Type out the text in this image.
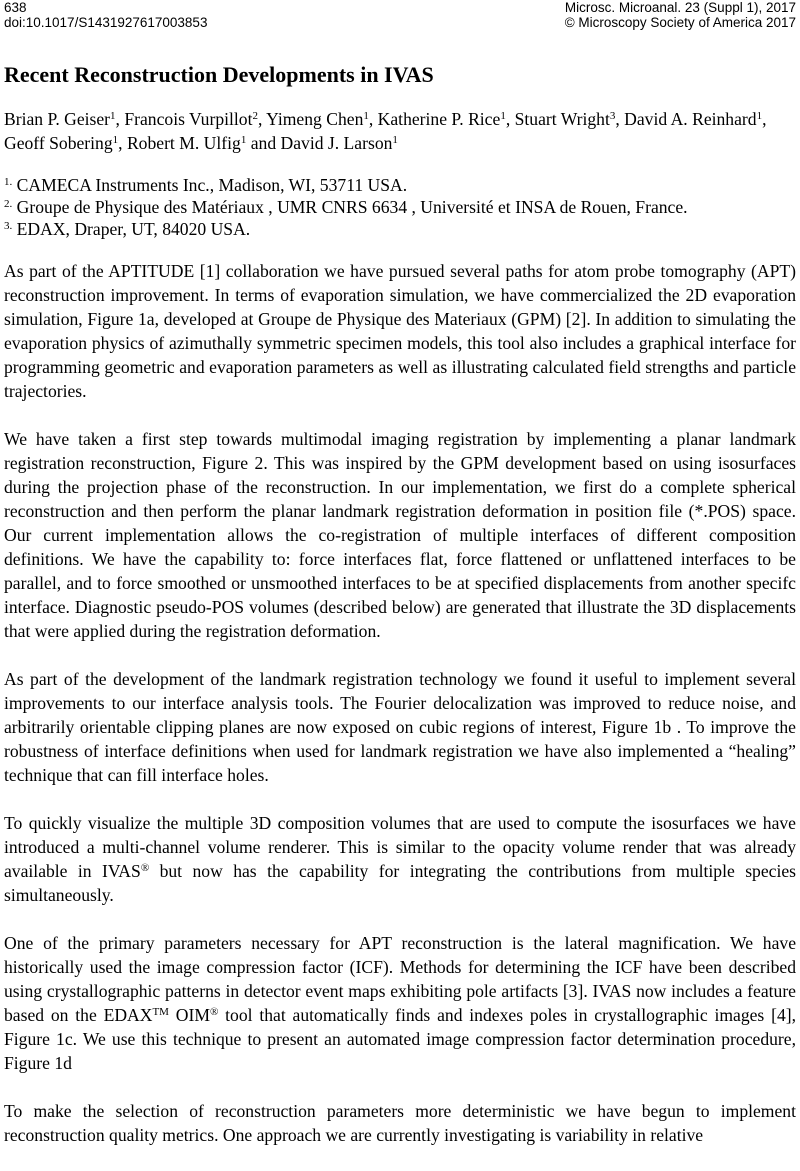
638
doi:10.1017/S1431927617003853
Microsc. Microanal. 23 (Suppl 1), 2017
© Microscopy Society of America 2017
Recent Reconstruction Developments in IVAS
Brian P. Geiser$^1$, Francois Vurpillot$^2$, Yimeng Chen$^1$, Katherine P. Rice$^1$, Stuart Wright$^3$, David A. Reinhard$^1$, Geoff Sobering$^1$, Robert M. Ulfig$^1$ and David J. Larson$^1$
$^{1.}$ CAMECA Instruments Inc., Madison, WI, 53711 USA.
$^{2.}$ Groupe de Physique des Matériaux , UMR CNRS 6634 , Université et INSA de Rouen, France.
$^{3.}$ EDAX, Draper, UT, 84020 USA.

As part of the APTITUDE [1] collaboration we have pursued several paths for atom probe tomography (APT) reconstruction improvement. In terms of evaporation simulation, we have commercialized the 2D evaporation simulation, Figure 1a, developed at Groupe de Physique des Materiaux (GPM) [2]. In addition to simulating the evaporation physics of azimuthally symmetric specimen models, this tool also includes a graphical interface for programming geometric and evaporation parameters as well as illustrating calculated field strengths and particle trajectories.

We have taken a first step towards multimodal imaging registration by implementing a planar landmark registration reconstruction, Figure 2. This was inspired by the GPM development based on using isosurfaces during the projection phase of the reconstruction. In our implementation, we first do a complete spherical reconstruction and then perform the planar landmark registration deformation in position file (*.POS) space. Our current implementation allows the co-registration of multiple interfaces of different composition definitions. We have the capability to: force interfaces flat, force flattened or unflattened interfaces to be parallel, and to force smoothed or unsmoothed interfaces to be at specified displacements from another specifc interface. Diagnostic pseudo-POS volumes (described below) are generated that illustrate the 3D displacements that were applied during the registration deformation.

As part of the development of the landmark registration technology we found it useful to implement several improvements to our interface analysis tools. The Fourier delocalization was improved to reduce noise, and arbitrarily orientable clipping planes are now exposed on cubic regions of interest, Figure 1b . To improve the robustness of interface definitions when used for landmark registration we have also implemented a “healing” technique that can fill interface holes.

To quickly visualize the multiple 3D composition volumes that are used to compute the isosurfaces we have introduced a multi-channel volume renderer. This is similar to the opacity volume render that was already available in IVAS® but now has the capability for integrating the contributions from multiple species simultaneously.

One of the primary parameters necessary for APT reconstruction is the lateral magnification. We have historically used the image compression factor (ICF). Methods for determining the ICF have been described using crystallographic patterns in detector event maps exhibiting pole artifacts [3]. IVAS now includes a feature based on the EDAX™ OIM® tool that automatically finds and indexes poles in crystallographic images [4], Figure 1c. We use this technique to present an automated image compression factor determination procedure, Figure 1d

To make the selection of reconstruction parameters more deterministic we have begun to implement reconstruction quality metrics. One approach we are currently investigating is variability in relative
